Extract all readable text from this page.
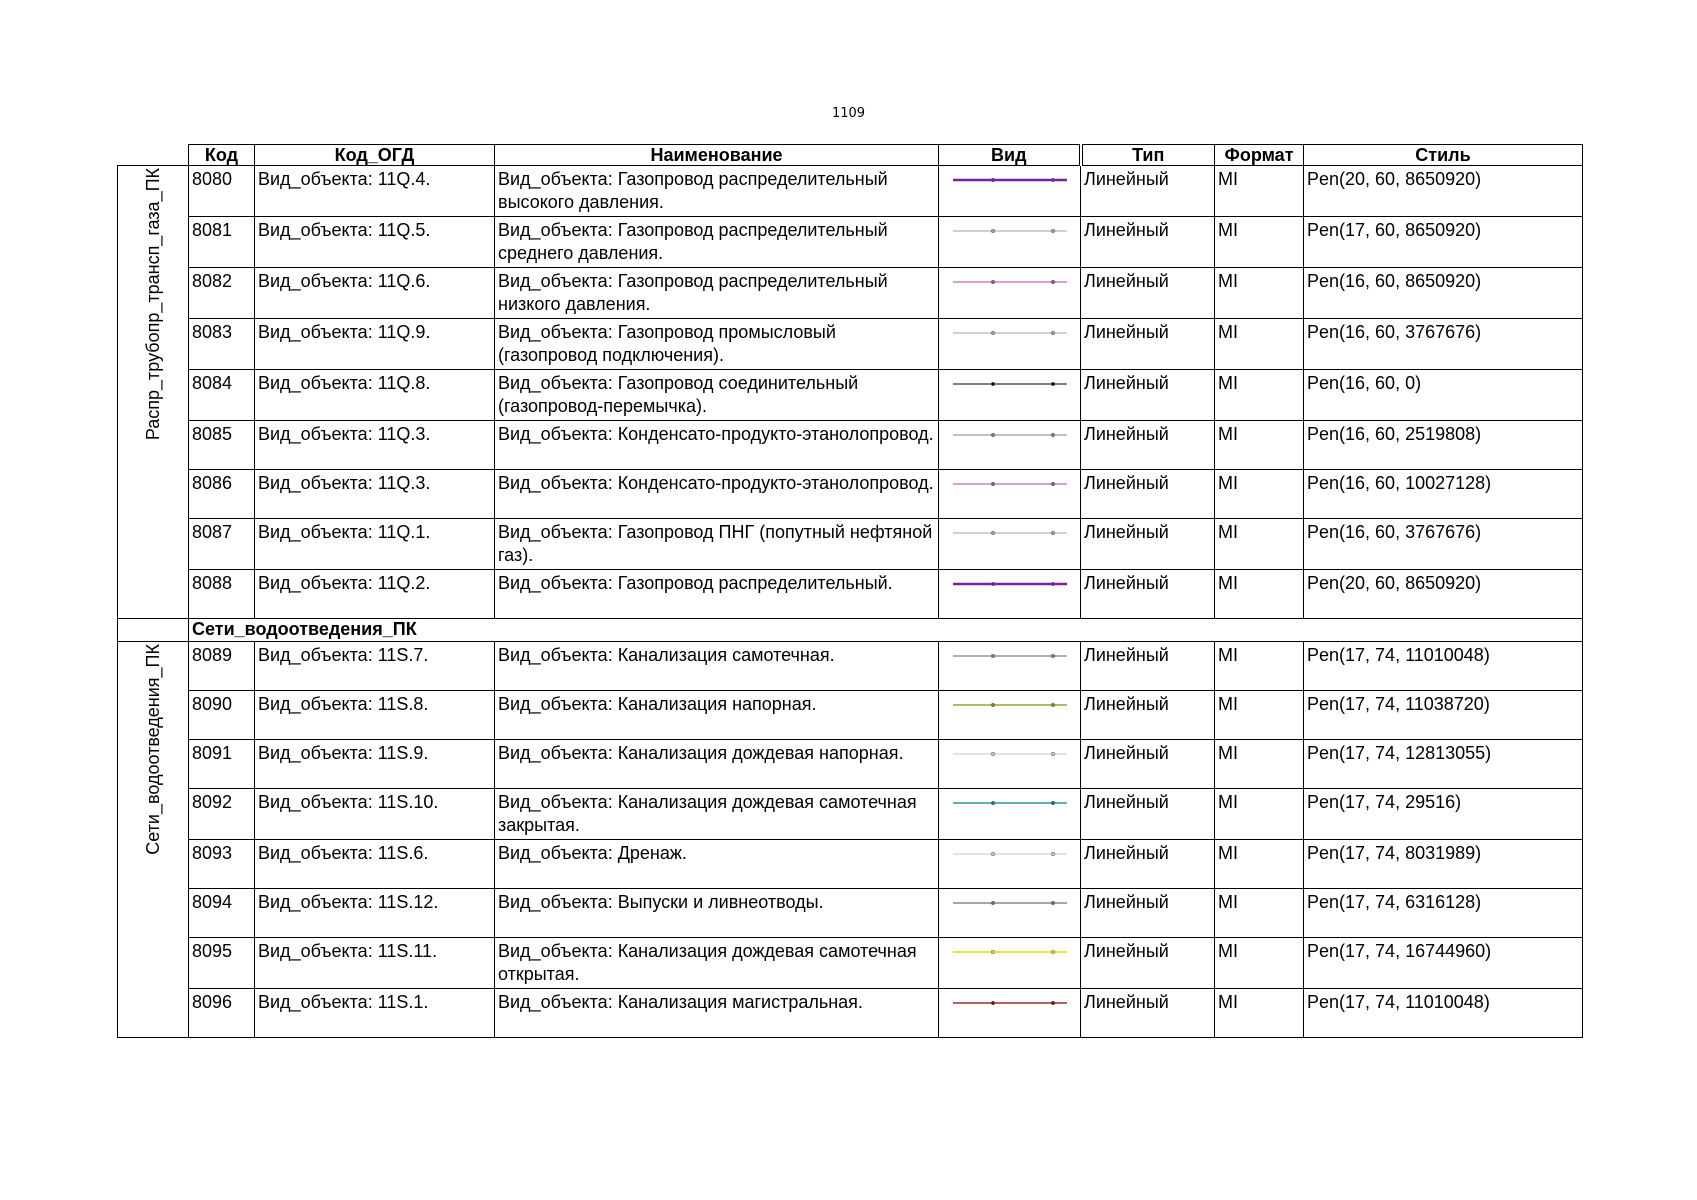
1109
	Код	Код_ОГД	Наименование	Вид	Тип	Формат	Стиль
Распр_трубопр_трансп_газа_ПК	8080	Вид_объекта: 11Q.4.	Вид_объекта: Газопровод распределительный высокого давления.		Линейный	MI	Pen(20, 60, 8650920)
	8081	Вид_объекта: 11Q.5.	Вид_объекта: Газопровод распределительный среднего давления.		Линейный	MI	Pen(17, 60, 8650920)
	8082	Вид_объекта: 11Q.6.	Вид_объекта: Газопровод распределительный низкого давления.		Линейный	MI	Pen(16, 60, 8650920)
	8083	Вид_объекта: 11Q.9.	Вид_объекта: Газопровод промысловый (газопровод подключения).		Линейный	MI	Pen(16, 60, 3767676)
	8084	Вид_объекта: 11Q.8.	Вид_объекта: Газопровод соединительный (газопровод-перемычка).		Линейный	MI	Pen(16, 60, 0)
	8085	Вид_объекта: 11Q.3.	Вид_объекта: Конденсато-продукто-этанолопровод.		Линейный	MI	Pen(16, 60, 2519808)
	8086	Вид_объекта: 11Q.3.	Вид_объекта: Конденсато-продукто-этанолопровод.		Линейный	MI	Pen(16, 60, 10027128)
	8087	Вид_объекта: 11Q.1.	Вид_объекта: Газопровод ПНГ (попутный нефтяной газ).		Линейный	MI	Pen(16, 60, 3767676)
	8088	Вид_объекта: 11Q.2.	Вид_объекта: Газопровод распределительный.		Линейный	MI	Pen(20, 60, 8650920)
	Сети_водоотведения_ПК						
Сети_водоотведения_ПК	8089	Вид_объекта: 11S.7.	Вид_объекта: Канализация самотечная.		Линейный	MI	Pen(17, 74, 11010048)
	8090	Вид_объекта: 11S.8.	Вид_объекта: Канализация напорная.		Линейный	MI	Pen(17, 74, 11038720)
	8091	Вид_объекта: 11S.9.	Вид_объекта: Канализация дождевая напорная.		Линейный	MI	Pen(17, 74, 12813055)
	8092	Вид_объекта: 11S.10.	Вид_объекта: Канализация дождевая самотечная закрытая.		Линейный	MI	Pen(17, 74, 29516)
	8093	Вид_объекта: 11S.6.	Вид_объекта: Дренаж.		Линейный	MI	Pen(17, 74, 8031989)
	8094	Вид_объекта: 11S.12.	Вид_объекта: Выпуски и ливнеотводы.		Линейный	MI	Pen(17, 74, 6316128)
	8095	Вид_объекта: 11S.11.	Вид_объекта: Канализация дождевая самотечная открытая.		Линейный	MI	Pen(17, 74, 16744960)
	8096	Вид_объекта: 11S.1.	Вид_объекта: Канализация магистральная.		Линейный	MI	Pen(17, 74, 11010048)
